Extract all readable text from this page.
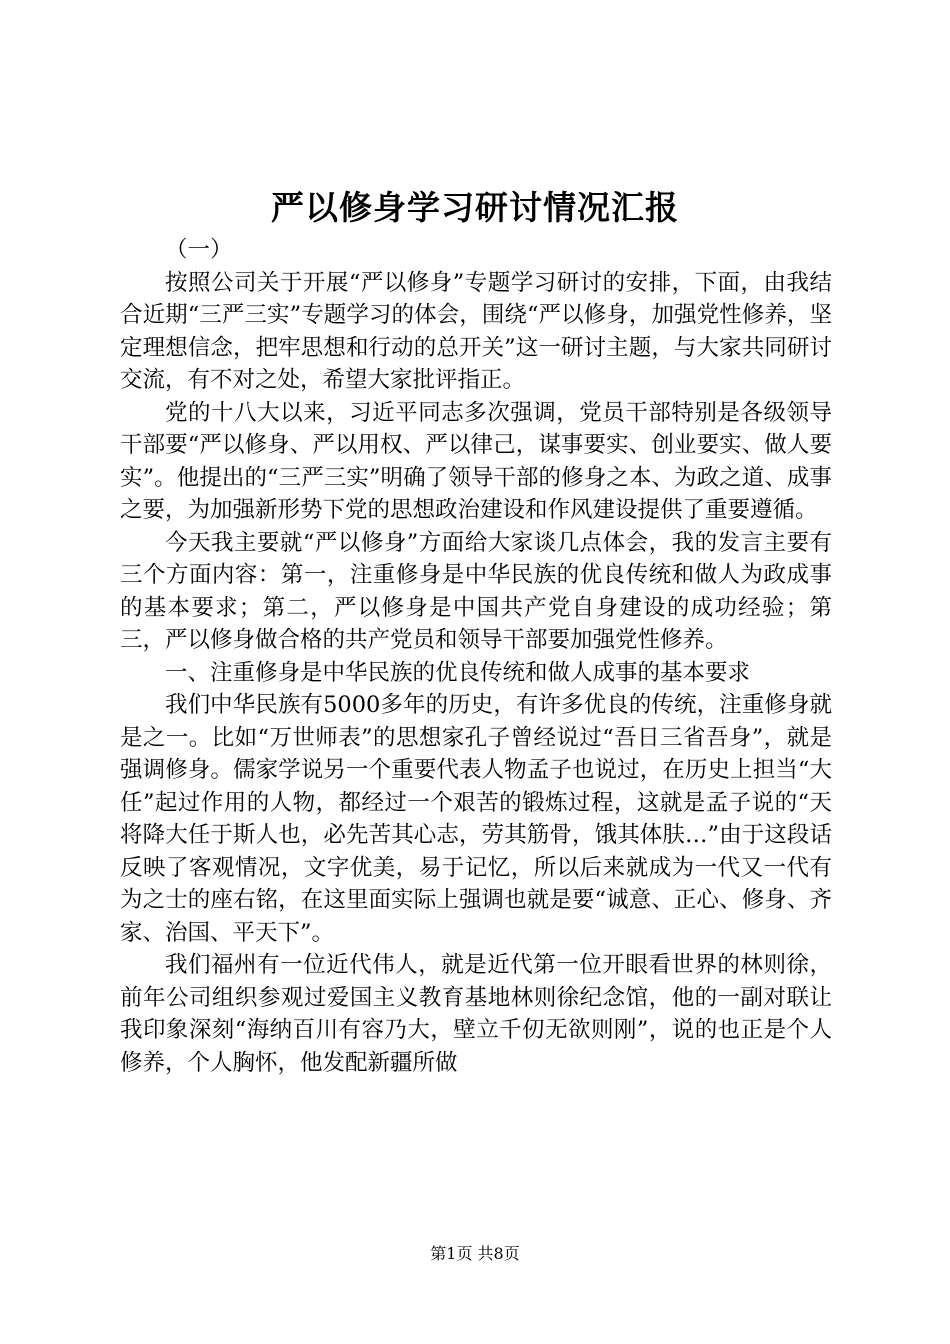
严以修身学习研讨情况汇报

（一）

按照公司关于开展“严以修身”专题学习研讨的安排，下面，由我结合近期“三严三实”专题学习的体会，围绕“严以修身，加强党性修养，坚定理想信念，把牢思想和行动的总开关”这一研讨主题，与大家共同研讨交流，有不对之处，希望大家批评指正。

党的十八大以来，习近平同志多次强调，党员干部特别是各级领导干部要“严以修身、严以用权、严以律己，谋事要实、创业要实、做人要实”。他提出的“三严三实”明确了领导干部的修身之本、为政之道、成事之要，为加强新形势下党的思想政治建设和作风建设提供了重要遵循。

今天我主要就“严以修身”方面给大家谈几点体会，我的发言主要有三个方面内容：第一，注重修身是中华民族的优良传统和做人为政成事的基本要求；第二，严以修身是中国共产党自身建设的成功经验；第三，严以修身做合格的共产党员和领导干部要加强党性修养。

一、注重修身是中华民族的优良传统和做人成事的基本要求

我们中华民族有5000多年的历史，有许多优良的传统，注重修身就是之一。比如“万世师表”的思想家孔子曾经说过“吾日三省吾身”，就是强调修身。儒家学说另一个重要代表人物孟子也说过，在历史上担当“大任”起过作用的人物，都经过一个艰苦的锻炼过程，这就是孟子说的“天将降大任于斯人也，必先苦其心志，劳其筋骨，饿其体肤…”由于这段话反映了客观情况，文字优美，易于记忆，所以后来就成为一代又一代有为之士的座右铭，在这里面实际上强调也就是要“诚意、正心、修身、齐家、治国、平天下”。

我们福州有一位近代伟人，就是近代第一位开眼看世界的林则徐，前年公司组织参观过爱国主义教育基地林则徐纪念馆，他的一副对联让我印象深刻“海纳百川有容乃大，壁立千仞无欲则刚”，说的也正是个人修养，个人胸怀，他发配新疆所做

第1页 共8页
